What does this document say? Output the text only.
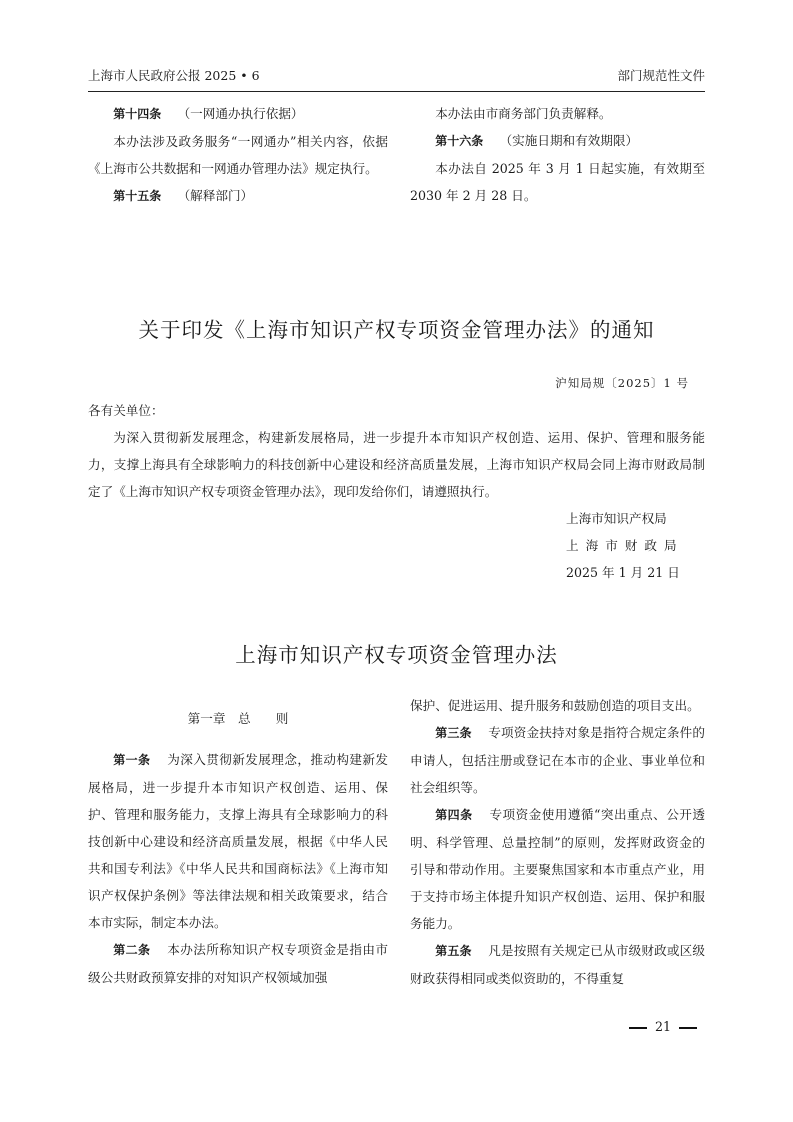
上海市人民政府公报 2025 • 6	部门规范性文件

第十四条 （一网通办执行依据）

本办法涉及政务服务“一网通办”相关内容，依据《上海市公共数据和一网通办管理办法》规定执行。

第十五条 （解释部门）

本办法由市商务部门负责解释。

第十六条 （实施日期和有效期限）

本办法自 2025 年 3 月 1 日起实施，有效期至 2030 年 2 月 28 日。

关于印发《上海市知识产权专项资金管理办法》的通知
沪知局规〔2025〕1 号

各有关单位：

为深入贯彻新发展理念，构建新发展格局，进一步提升本市知识产权创造、运用、保护、管理和服务能力，支撑上海具有全球影响力的科技创新中心建设和经济高质量发展，上海市知识产权局会同上海市财政局制定了《上海市知识产权专项资金管理办法》，现印发给你们，请遵照执行。

上海市知识产权局
上海市财政局
2025 年 1 月 21 日
上海市知识产权专项资金管理办法

第一章　总　　则

第一条 为深入贯彻新发展理念，推动构建新发展格局，进一步提升本市知识产权创造、运用、保护、管理和服务能力，支撑上海具有全球影响力的科技创新中心建设和经济高质量发展，根据《中华人民共和国专利法》《中华人民共和国商标法》《上海市知识产权保护条例》等法律法规和相关政策要求，结合本市实际，制定本办法。

第二条 本办法所称知识产权专项资金是指由市级公共财政预算安排的对知识产权领域加强

保护、促进运用、提升服务和鼓励创造的项目支出。

第三条 专项资金扶持对象是指符合规定条件的申请人，包括注册或登记在本市的企业、事业单位和社会组织等。

第四条 专项资金使用遵循“突出重点、公开透明、科学管理、总量控制”的原则，发挥财政资金的引导和带动作用。主要聚焦国家和本市重点产业，用于支持市场主体提升知识产权创造、运用、保护和服务能力。

第五条 凡是按照有关规定已从市级财政或区级财政获得相同或类似资助的，不得重复

21
